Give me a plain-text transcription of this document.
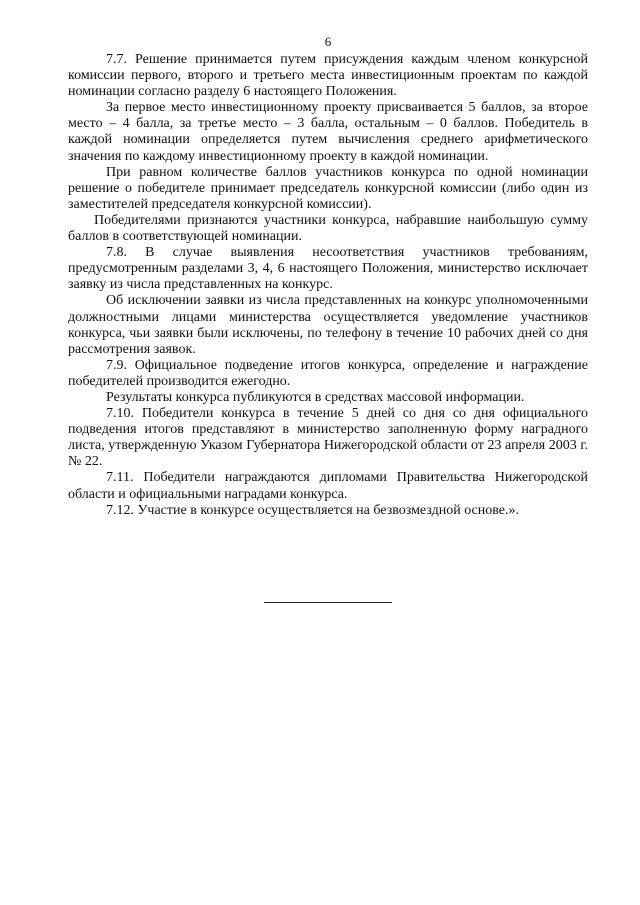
6

7.7. Решение принимается путем присуждения каждым членом конкурсной комиссии первого, второго и третьего места инвестиционным проектам по каждой номинации согласно разделу 6 настоящего Положения.

За первое место инвестиционному проекту присваивается 5 баллов, за второе место – 4 балла, за третье место – 3 балла, остальным – 0 баллов. Победитель в каждой номинации определяется путем вычисления среднего арифметического значения по каждому инвестиционному проекту в каждой номинации.

При равном количестве баллов участников конкурса по одной номинации решение о победителе принимает председатель конкурсной комиссии (либо один из заместителей председателя конкурсной комиссии).

Победителями признаются участники конкурса, набравшие наибольшую сумму баллов в соответствующей номинации.

7.8. В случае выявления несоответствия участников требованиям, предусмотренным разделами 3, 4, 6 настоящего Положения, министерство исключает заявку из числа представленных на конкурс.

Об исключении заявки из числа представленных на конкурс уполномоченными должностными лицами министерства осуществляется уведомление участников конкурса, чьи заявки были исключены, по телефону в течение 10 рабочих дней со дня рассмотрения заявок.

7.9. Официальное подведение итогов конкурса, определение и награждение победителей производится ежегодно.

Результаты конкурса публикуются в средствах массовой информации.

7.10. Победители конкурса в течение 5 дней со дня со дня официального подведения итогов представляют в министерство заполненную форму наградного листа, утвержденную Указом Губернатора Нижегородской области от 23 апреля 2003 г. № 22.

7.11. Победители награждаются дипломами Правительства Нижегородской области и официальными наградами конкурса.

7.12. Участие в конкурсе осуществляется на безвозмездной основе.».
